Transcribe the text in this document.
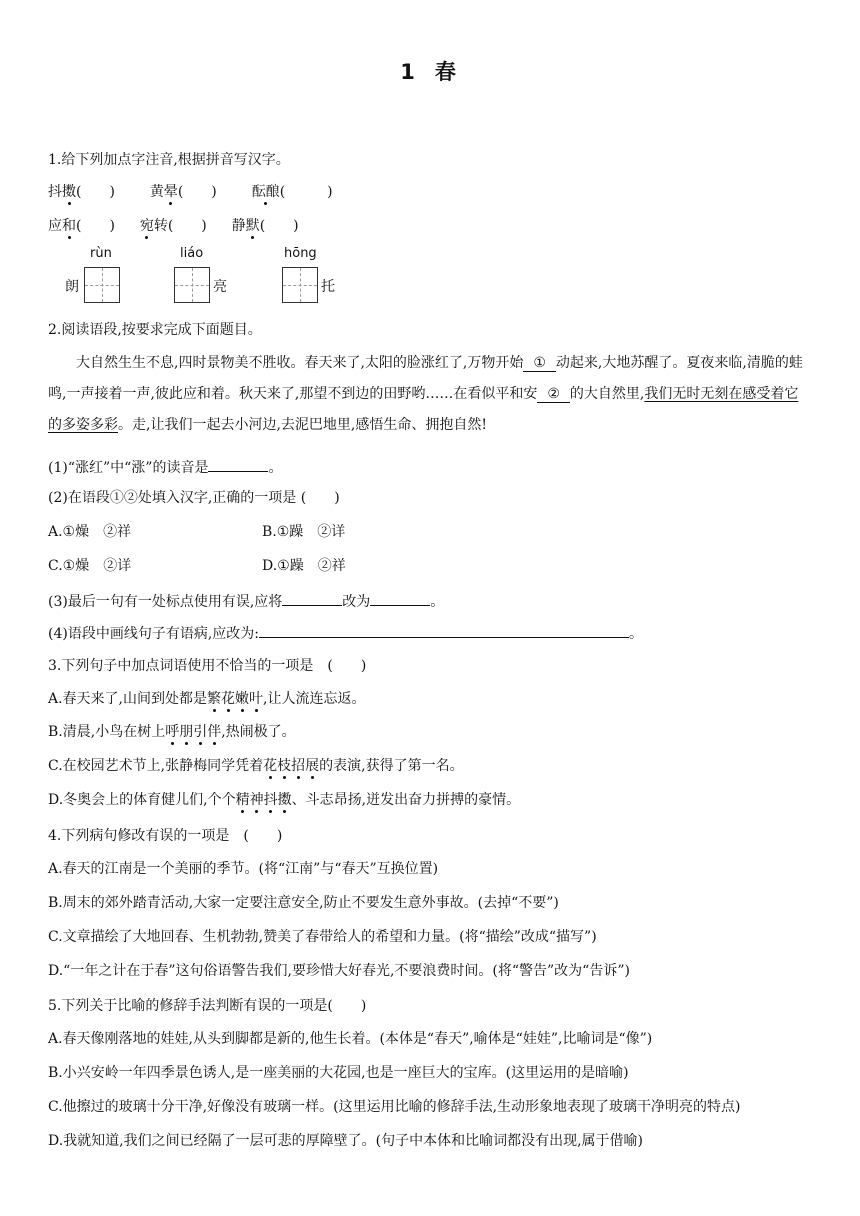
1 春
1.给下列加点字注音,根据拼音写汉字。
抖擞(　　) 黄晕(　　) 酝酿(　　　)
应和(　　) 宛转(　　) 静默(　　)
rùn
朗
liáo
亮
hōng
托
2.阅读语段,按要求完成下面题目。
大自然生生不息,四时景物美不胜收。春天来了,太阳的脸涨红了,万物开始 ① 动起来,大地苏醒了。夏夜来临,清脆的蛙鸣,一声接着一声,彼此应和着。秋天来了,那望不到边的田野哟……在看似平和安 ② 的大自然里,我们无时无刻在感受着它的多姿多彩。走,让我们一起去小河边,去泥巴地里,感悟生命、拥抱自然!
(1)“涨红”中“涨”的读音是	。
(2)在语段①②处填入汉字,正确的一项是 (　　)
A.①燥　②祥	B.①躁　②详
C.①燥　②详	D.①躁　②祥
(3)最后一句有一处标点使用有误,应将	改为	。
(4)语段中画线句子有语病,应改为:	。
3.下列句子中加点词语使用不恰当的一项是　(　　)
A.春天来了,山间到处都是繁花嫩叶,让人流连忘返。
B.清晨,小鸟在树上呼朋引伴,热闹极了。
C.在校园艺术节上,张静梅同学凭着花枝招展的表演,获得了第一名。
D.冬奥会上的体育健儿们,个个精神抖擞、斗志昂扬,迸发出奋力拼搏的豪情。
4.下列病句修改有误的一项是　(　　)
A.春天的江南是一个美丽的季节。(将“江南”与“春天”互换位置)
B.周末的郊外踏青活动,大家一定要注意安全,防止不要发生意外事故。(去掉“不要”)
C.文章描绘了大地回春、生机勃勃,赞美了春带给人的希望和力量。(将“描绘”改成“描写”)
D.“一年之计在于春”这句俗语警告我们,要珍惜大好春光,不要浪费时间。(将“警告”改为“告诉”)
5.下列关于比喻的修辞手法判断有误的一项是(　　)
A.春天像刚落地的娃娃,从头到脚都是新的,他生长着。(本体是“春天”,喻体是“娃娃”,比喻词是“像”)
B.小兴安岭一年四季景色诱人,是一座美丽的大花园,也是一座巨大的宝库。(这里运用的是暗喻)
C.他擦过的玻璃十分干净,好像没有玻璃一样。(这里运用比喻的修辞手法,生动形象地表现了玻璃干净明亮的特点)
D.我就知道,我们之间已经隔了一层可悲的厚障壁了。(句子中本体和比喻词都没有出现,属于借喻)
